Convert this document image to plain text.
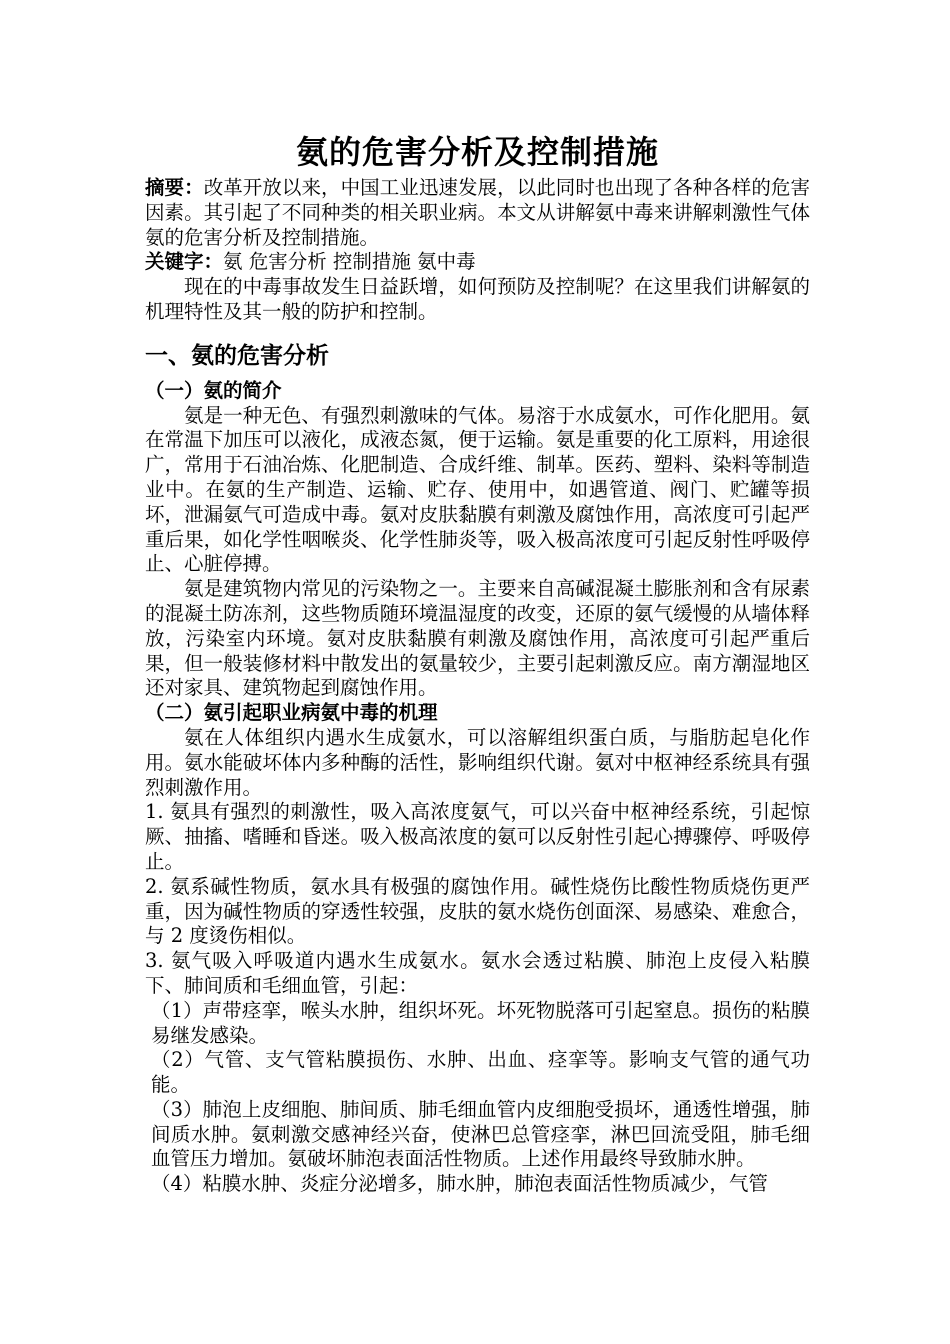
氨的危害分析及控制措施

摘要：改革开放以来，中国工业迅速发展，以此同时也出现了各种各样的危害因素。其引起了不同种类的相关职业病。本文从讲解氨中毒来讲解刺激性气体氨的危害分析及控制措施。

关键字：氨 危害分析 控制措施 氨中毒

现在的中毒事故发生日益跃增，如何预防及控制呢？在这里我们讲解氨的机理特性及其一般的防护和控制。

一、氨的危害分析

（一）氨的简介

氨是一种无色、有强烈刺激味的气体。易溶于水成氨水，可作化肥用。氨在常温下加压可以液化，成液态氮，便于运输。氨是重要的化工原料，用途很广，常用于石油冶炼、化肥制造、合成纤维、制革。医药、塑料、染料等制造业中。在氨的生产制造、运输、贮存、使用中，如遇管道、阀门、贮罐等损坏，泄漏氨气可造成中毒。氨对皮肤黏膜有刺激及腐蚀作用，高浓度可引起严重后果，如化学性咽喉炎、化学性肺炎等，吸入极高浓度可引起反射性呼吸停止、心脏停搏。

氨是建筑物内常见的污染物之一。主要来自高碱混凝土膨胀剂和含有尿素的混凝土防冻剂，这些物质随环境温湿度的改变，还原的氨气缓慢的从墙体释放，污染室内环境。氨对皮肤黏膜有刺激及腐蚀作用，高浓度可引起严重后果，但一般装修材料中散发出的氨量较少，主要引起刺激反应。南方潮湿地区还对家具、建筑物起到腐蚀作用。

（二）氨引起职业病氨中毒的机理

氨在人体组织内遇水生成氨水，可以溶解组织蛋白质，与脂肪起皂化作用。氨水能破坏体内多种酶的活性，影响组织代谢。氨对中枢神经系统具有强烈刺激作用。

1. 氨具有强烈的刺激性，吸入高浓度氨气，可以兴奋中枢神经系统，引起惊厥、抽搐、嗜睡和昏迷。吸入极高浓度的氨可以反射性引起心搏骤停、呼吸停止。

2. 氨系碱性物质，氨水具有极强的腐蚀作用。碱性烧伤比酸性物质烧伤更严重，因为碱性物质的穿透性较强，皮肤的氨水烧伤创面深、易感染、难愈合，与 2 度烫伤相似。

3. 氨气吸入呼吸道内遇水生成氨水。氨水会透过粘膜、肺泡上皮侵入粘膜下、肺间质和毛细血管，引起：

（1）声带痉挛，喉头水肿，组织坏死。坏死物脱落可引起窒息。损伤的粘膜易继发感染。

（2）气管、支气管粘膜损伤、水肿、出血、痉挛等。影响支气管的通气功能。

（3）肺泡上皮细胞、肺间质、肺毛细血管内皮细胞受损坏，通透性增强，肺间质水肿。氨刺激交感神经兴奋，使淋巴总管痉挛，淋巴回流受阻，肺毛细血管压力增加。氨破坏肺泡表面活性物质。上述作用最终导致肺水肿。

（4）粘膜水肿、炎症分泌增多，肺水肿，肺泡表面活性物质减少，气管
